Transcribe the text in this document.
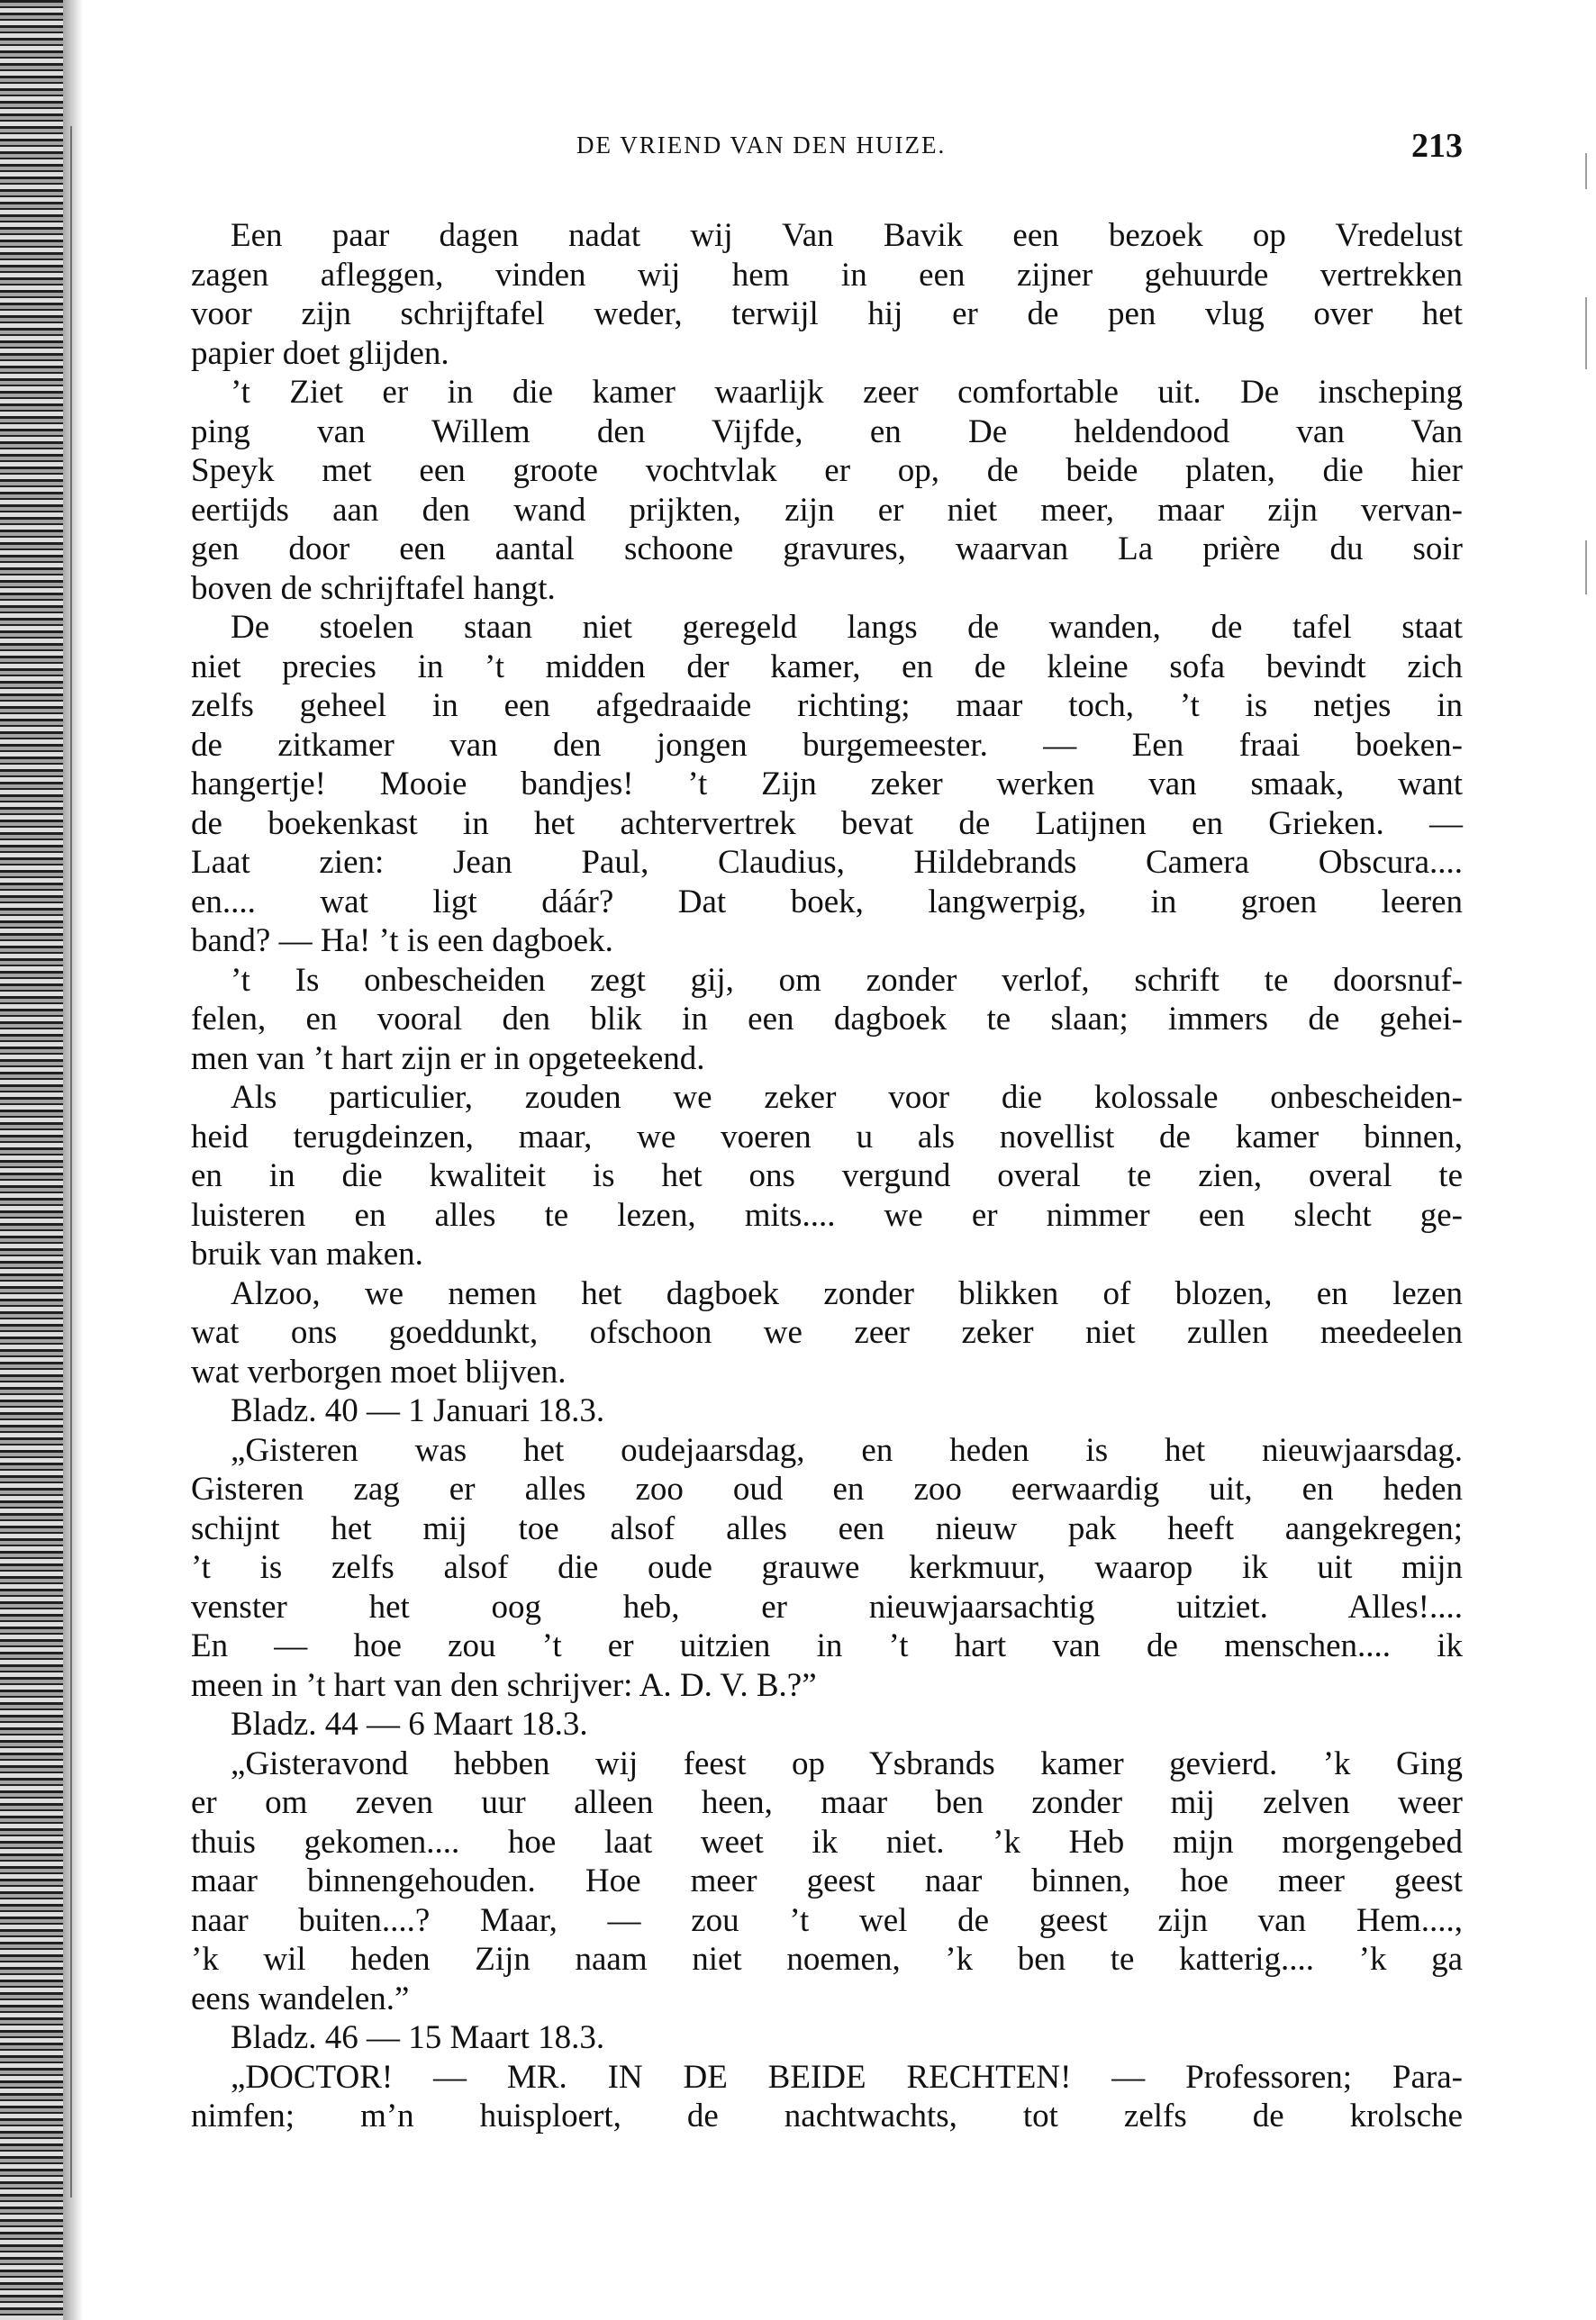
DE VRIEND VAN DEN HUIZE.	213
Een paar dagen nadat wij Van Bavik een bezoek op Vredelust
zagen afleggen, vinden wij hem in een zijner gehuurde vertrekken
voor zijn schrijftafel weder, terwijl hij er de pen vlug over het
papier doet glijden.
’t Ziet er in die kamer waarlijk zeer comfortable uit. De inscheping
ping van Willem den Vijfde, en De heldendood van Van
Speyk met een groote vochtvlak er op, de beide platen, die hier
eertijds aan den wand prijkten, zijn er niet meer, maar zijn vervan-
gen door een aantal schoone gravures, waarvan La prière du soir
boven de schrijftafel hangt.
De stoelen staan niet geregeld langs de wanden, de tafel staat
niet precies in ’t midden der kamer, en de kleine sofa bevindt zich
zelfs geheel in een afgedraaide richting; maar toch, ’t is netjes in
de zitkamer van den jongen burgemeester. — Een fraai boeken-
hangertje! Mooie bandjes! ’t Zijn zeker werken van smaak, want
de boekenkast in het achtervertrek bevat de Latijnen en Grieken. —
Laat zien: Jean Paul, Claudius, Hildebrands Camera Obscura....
en.... wat ligt dáár? Dat boek, langwerpig, in groen leeren
band? — Ha! ’t is een dagboek.
’t Is onbescheiden zegt gij, om zonder verlof, schrift te doorsnuf-
felen, en vooral den blik in een dagboek te slaan; immers de gehei-
men van ’t hart zijn er in opgeteekend.
Als particulier, zouden we zeker voor die kolossale onbescheiden-
heid terugdeinzen, maar, we voeren u als novellist de kamer binnen,
en in die kwaliteit is het ons vergund overal te zien, overal te
luisteren en alles te lezen, mits.... we er nimmer een slecht ge-
bruik van maken.
Alzoo, we nemen het dagboek zonder blikken of blozen, en lezen
wat ons goeddunkt, ofschoon we zeer zeker niet zullen meedeelen
wat verborgen moet blijven.
Bladz. 40 — 1 Januari 18.3.
„Gisteren was het oudejaarsdag, en heden is het nieuwjaarsdag.
Gisteren zag er alles zoo oud en zoo eerwaardig uit, en heden
schijnt het mij toe alsof alles een nieuw pak heeft aangekregen;
’t is zelfs alsof die oude grauwe kerkmuur, waarop ik uit mijn
venster het oog heb, er nieuwjaarsachtig uitziet. Alles!....
En — hoe zou ’t er uitzien in ’t hart van de menschen.... ik
meen in ’t hart van den schrijver: A. D. V. B.?”
Bladz. 44 — 6 Maart 18.3.
„Gisteravond hebben wij feest op Ysbrands kamer gevierd. ’k Ging
er om zeven uur alleen heen, maar ben zonder mij zelven weer
thuis gekomen.... hoe laat weet ik niet. ’k Heb mijn morgengebed
maar binnengehouden. Hoe meer geest naar binnen, hoe meer geest
naar buiten....? Maar, — zou ’t wel de geest zijn van Hem....,
’k wil heden Zijn naam niet noemen, ’k ben te katterig.... ’k ga
eens wandelen.”
Bladz. 46 — 15 Maart 18.3.
„DOCTOR! — MR. IN DE BEIDE RECHTEN! — Professoren; Para-
nimfen; m’n huisploert, de nachtwachts, tot zelfs de krolsche
